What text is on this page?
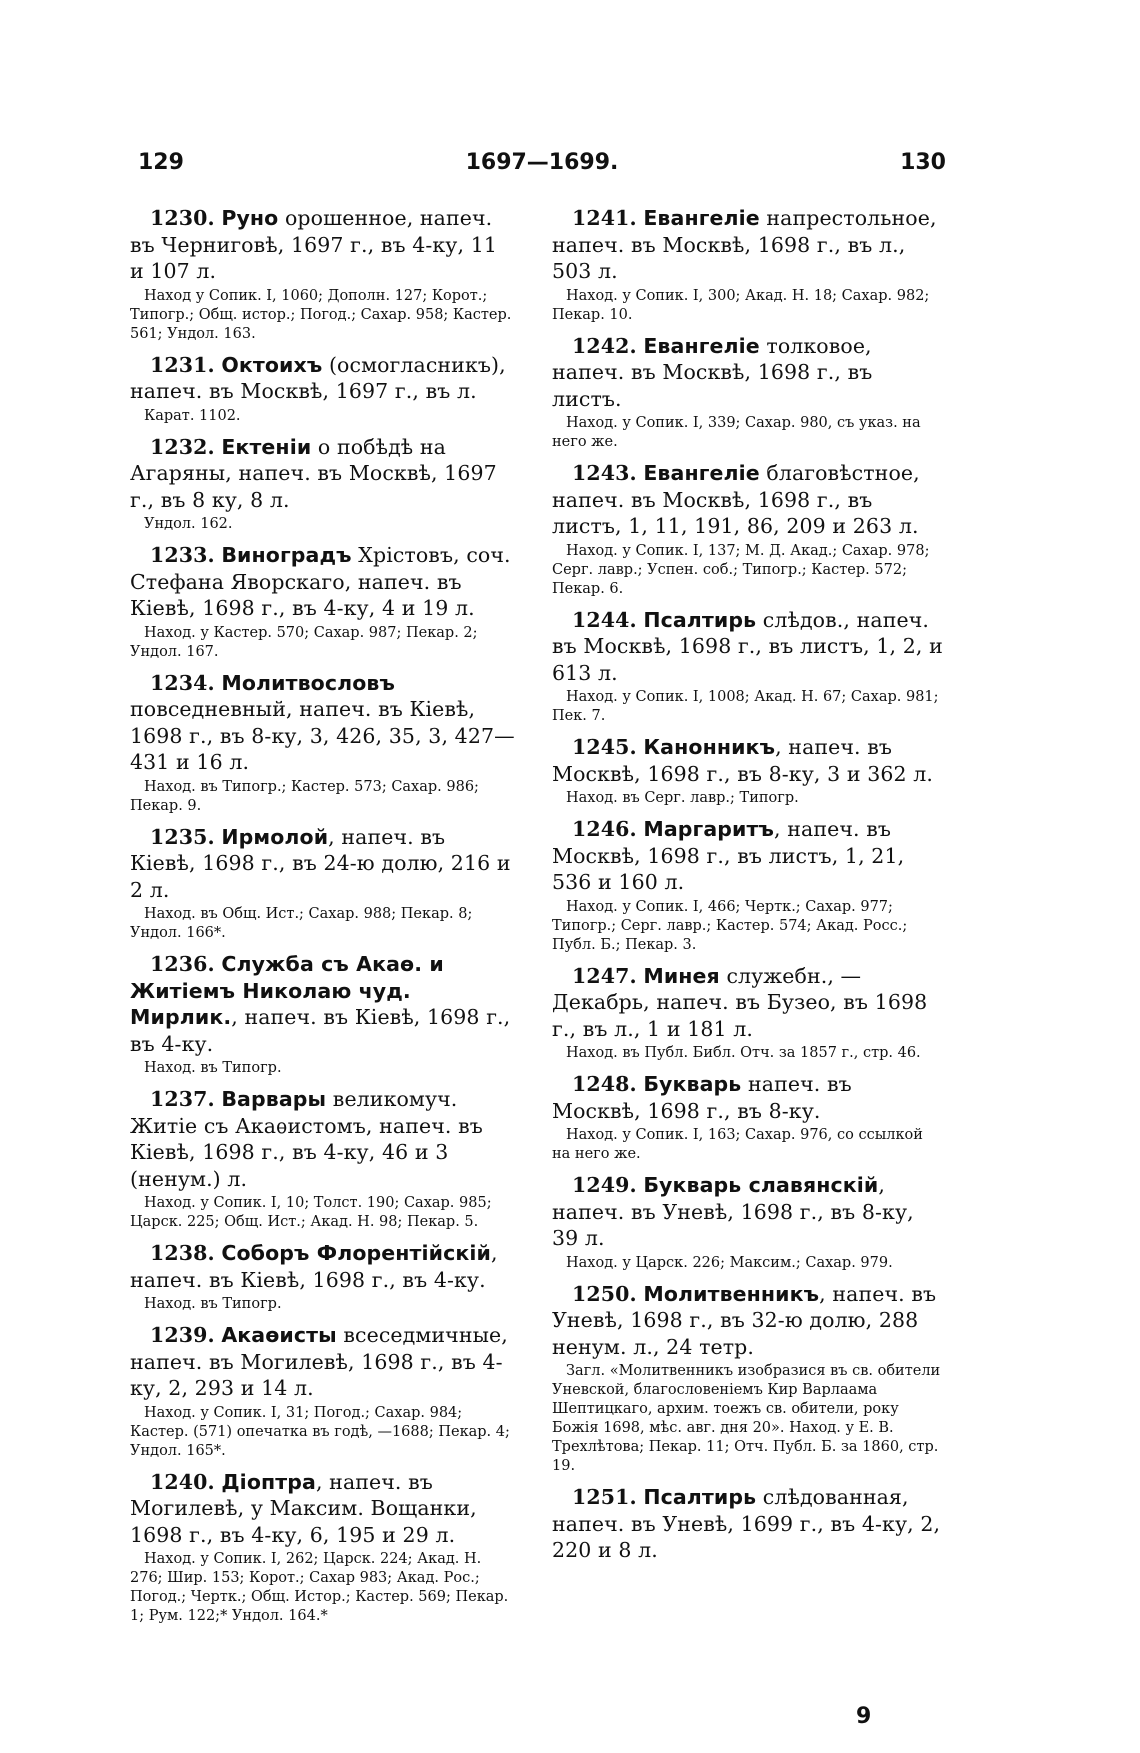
129	1697—1699.	130

1230. Руно орошенное, напеч. въ Черниговѣ, 1697 г., въ 4-ку, 11 и 107 л.

Наход у Сопик. I, 1060; Дополн. 127; Корот.; Типогр.; Общ. истор.; Погод.; Сахар. 958; Кастер. 561; Ундол. 163.

1231. Октоихъ (осмогласникъ), напеч. въ Москвѣ, 1697 г., въ л.

Карат. 1102.

1232. Ектеніи о побѣдѣ на Агаряны, напеч. въ Москвѣ, 1697 г., въ 8 ку, 8 л.

Ундол. 162.

1233. Виноградъ Хрістовъ, соч. Стефана Яворскаго, напеч. въ Кіевѣ, 1698 г., въ 4-ку, 4 и 19 л.

Наход. у Кастер. 570; Сахар. 987; Пекар. 2; Ундол. 167.

1234. Молитвословъ повседневный, напеч. въ Кіевѣ, 1698 г., въ 8-ку, 3, 426, 35, 3, 427—431 и 16 л.

Наход. въ Типогр.; Кастер. 573; Сахар. 986; Пекар. 9.

1235. Ирмолой, напеч. въ Кіевѣ, 1698 г., въ 24-ю долю, 216 и 2 л.

Наход. въ Общ. Ист.; Сахар. 988; Пекар. 8; Ундол. 166*.

1236. Служба съ Акаѳ. и Житіемъ Николаю чуд. Мирлик., напеч. въ Кіевѣ, 1698 г., въ 4-ку.

Наход. въ Типогр.

1237. Варвары великомуч. Житіе съ Акаѳистомъ, напеч. въ Кіевѣ, 1698 г., въ 4-ку, 46 и 3 (ненум.) л.

Наход. у Сопик. I, 10; Толст. 190; Сахар. 985; Царск. 225; Общ. Ист.; Акад. Н. 98; Пекар. 5.

1238. Соборъ Флорентійскій, напеч. въ Кіевѣ, 1698 г., въ 4-ку.

Наход. въ Типогр.

1239. Акаѳисты всеседмичные, напеч. въ Могилевѣ, 1698 г., въ 4-ку, 2, 293 и 14 л.

Наход. у Сопик. I, 31; Погод.; Сахар. 984; Кастер. (571) опечатка въ годѣ, —1688; Пекар. 4; Ундол. 165*.

1240. Діоптра, напеч. въ Могилевѣ, у Максим. Вощанки, 1698 г., въ 4-ку, 6, 195 и 29 л.

Наход. у Сопик. I, 262; Царск. 224; Акад. Н. 276; Шир. 153; Корот.; Сахар 983; Акад. Рос.; Погод.; Чертк.; Общ. Истор.; Кастер. 569; Пекар. 1; Рум. 122;* Ундол. 164.*

1241. Евангеліе напрестольное, напеч. въ Москвѣ, 1698 г., въ л., 503 л.

Наход. у Сопик. I, 300; Акад. Н. 18; Сахар. 982; Пекар. 10.

1242. Евангеліе толковое, напеч. въ Москвѣ, 1698 г., въ листъ.

Наход. у Сопик. I, 339; Сахар. 980, съ указ. на него же.

1243. Евангеліе благовѣстное, напеч. въ Москвѣ, 1698 г., въ листъ, 1, 11, 191, 86, 209 и 263 л.

Наход. у Сопик. I, 137; М. Д. Акад.; Сахар. 978; Серг. лавр.; Успен. соб.; Типогр.; Кастер. 572; Пекар. 6.

1244. Псалтирь слѣдов., напеч. въ Москвѣ, 1698 г., въ листъ, 1, 2, и 613 л.

Наход. у Сопик. I, 1008; Акад. Н. 67; Сахар. 981; Пек. 7.

1245. Канонникъ, напеч. въ Москвѣ, 1698 г., въ 8-ку, 3 и 362 л.

Наход. въ Серг. лавр.; Типогр.

1246. Маргаритъ, напеч. въ Москвѣ, 1698 г., въ листъ, 1, 21, 536 и 160 л.

Наход. у Сопик. I, 466; Чертк.; Сахар. 977; Типогр.; Серг. лавр.; Кастер. 574; Акад. Росс.; Публ. Б.; Пекар. 3.

1247. Минея служебн., —Декабрь, напеч. въ Бузео, въ 1698 г., въ л., 1 и 181 л.

Наход. въ Публ. Библ. Отч. за 1857 г., стр. 46.

1248. Букварь напеч. въ Москвѣ, 1698 г., въ 8-ку.

Наход. у Сопик. I, 163; Сахар. 976, со ссылкой на него же.

1249. Букварь славянскій, напеч. въ Уневѣ, 1698 г., въ 8-ку, 39 л.

Наход. у Царск. 226; Максим.; Сахар. 979.

1250. Молитвенникъ, напеч. въ Уневѣ, 1698 г., въ 32-ю долю, 288 ненум. л., 24 тетр.

Загл. «Молитвенникъ изобразися въ св. обители Уневской, благословеніемъ Кир Варлаама Шептицкаго, архим. тоежъ св. обители, року Божія 1698, мѣс. авг. дня 20». Наход. у Е. В. Трехлѣтова; Пекар. 11; Отч. Публ. Б. за 1860, стр. 19.

1251. Псалтирь слѣдованная, напеч. въ Уневѣ, 1699 г., въ 4-ку, 2, 220 и 8 л.

9
